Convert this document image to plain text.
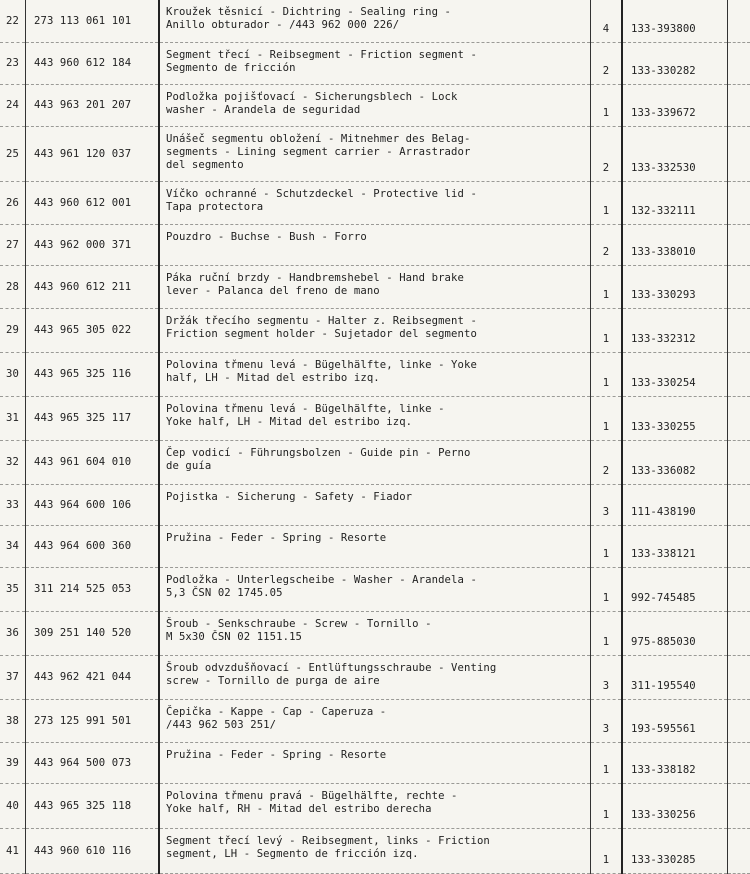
22	273 113 061 101	Kroužek těsnicí - Dichtring - Sealing ring -
Anillo obturador - /443 962 000 226/	4	133-393800	
23	443 960 612 184	Segment třecí - Reibsegment - Friction segment -
Segmento de fricción	2	133-330282	
24	443 963 201 207	Podložka pojišťovací - Sicherungsblech - Lock
washer - Arandela de seguridad	1	133-339672	
25	443 961 120 037	Unášeč segmentu obložení - Mitnehmer des Belag-
segments - Lining segment carrier - Arrastrador
del segmento	2	133-332530	
26	443 960 612 001	Víčko ochranné - Schutzdeckel - Protective lid -
Tapa protectora	1	132-332111	
27	443 962 000 371	Pouzdro - Buchse - Bush - Forro	2	133-338010	
28	443 960 612 211	Páka ruční brzdy - Handbremshebel - Hand brake
lever - Palanca del freno de mano	1	133-330293	
29	443 965 305 022	Držák třecího segmentu - Halter z. Reibsegment -
Friction segment holder - Sujetador del segmento	1	133-332312	
30	443 965 325 116	Polovina třmenu levá - Bügelhälfte, linke - Yoke
half, LH - Mitad del estribo izq.	1	133-330254	
31	443 965 325 117	Polovina třmenu levá - Bügelhälfte, linke -
Yoke half, LH - Mitad del estribo izq.	1	133-330255	
32	443 961 604 010	Čep vodicí - Führungsbolzen - Guide pin - Perno
de guía	2	133-336082	
33	443 964 600 106	Pojistka - Sicherung - Safety - Fiador	3	111-438190	
34	443 964 600 360	Pružina - Feder - Spring - Resorte	1	133-338121	
35	311 214 525 053	Podložka - Unterlegscheibe - Washer - Arandela -
5,3 ČSN 02 1745.05	1	992-745485	
36	309 251 140 520	Šroub - Senkschraube - Screw - Tornillo -
M 5x30 ČSN 02 1151.15	1	975-885030	
37	443 962 421 044	Šroub odvzdušňovací - Entlüftungsschraube - Venting
screw - Tornillo de purga de aire	3	311-195540	
38	273 125 991 501	Čepička - Kappe - Cap - Caperuza -
/443 962 503 251/	3	193-595561	
39	443 964 500 073	Pružina - Feder - Spring - Resorte	1	133-338182	
40	443 965 325 118	Polovina třmenu pravá - Bügelhälfte, rechte -
Yoke half, RH - Mitad del estribo derecha	1	133-330256	
41	443 960 610 116	Segment třecí levý - Reibsegment, links - Friction
segment, LH - Segmento de fricción izq.	1	133-330285	
